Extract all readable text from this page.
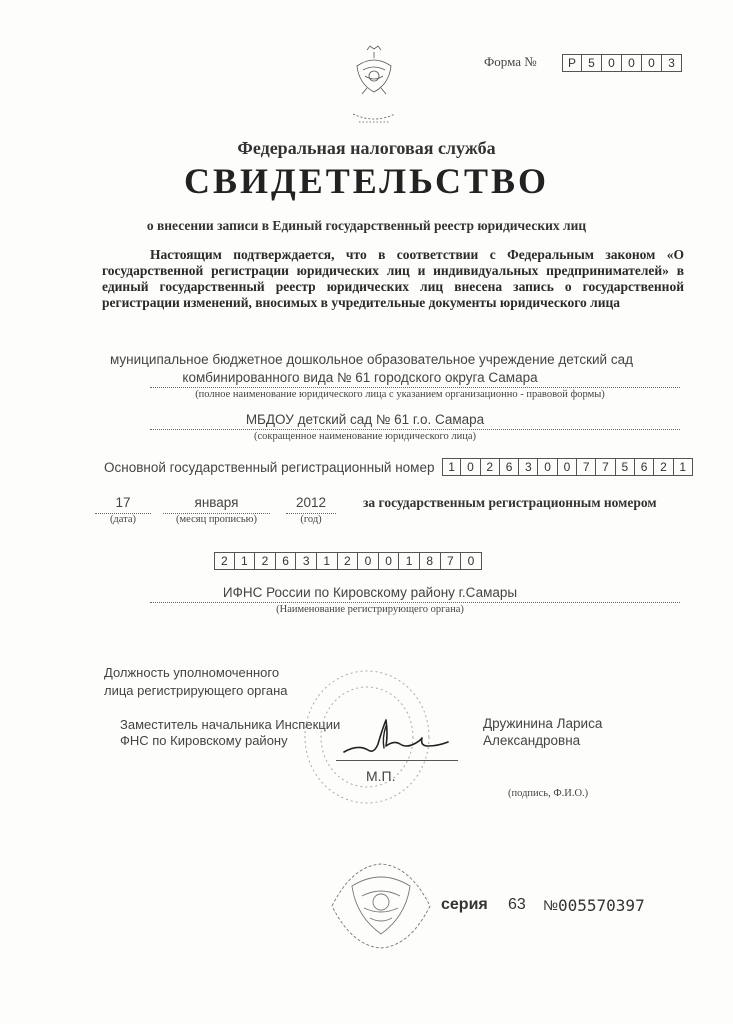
Форма №	Р	5	0	0	0	3
Федеральная налоговая служба
СВИДЕТЕЛЬСТВО
о внесении записи в Единый государственный реестр юридических лиц
Настоящим подтверждается, что в соответствии с Федеральным законом «О государственной регистрации юридических лиц и индивидуальных предпринимателей» в единый государственный реестр юридических лиц внесена запись о государственной регистрации изменений, вносимых в учредительные документы юридического лица
муниципальное бюджетное дошкольное образовательное учреждение детский сад
комбинированного вида № 61 городского округа Самара
(полное наименование юридического лица с указанием организационно - правовой формы)
МБДОУ детский сад № 61 г.о. Самара
(сокращенное наименование юридического лица)
Основной государственный регистрационный номер	1	0	2	6	3	0	0	7	7	5	6	2	1
17
(дата)
января
(месяц прописью)
2012
(год)
за государственным регистрационным номером
2	1	2	6	3	1	2	0	0	1	8	7	0
ИФНС России по Кировскому району г.Самары
(Наименование регистрирующего органа)
Должность уполномоченного
лица регистрирующего органа
Заместитель начальника Инспекции
ФНС по Кировскому району
Дружинина Лариса
Александровна
М.П.
(подпись, Ф.И.О.)
серия 63 № 005570397
